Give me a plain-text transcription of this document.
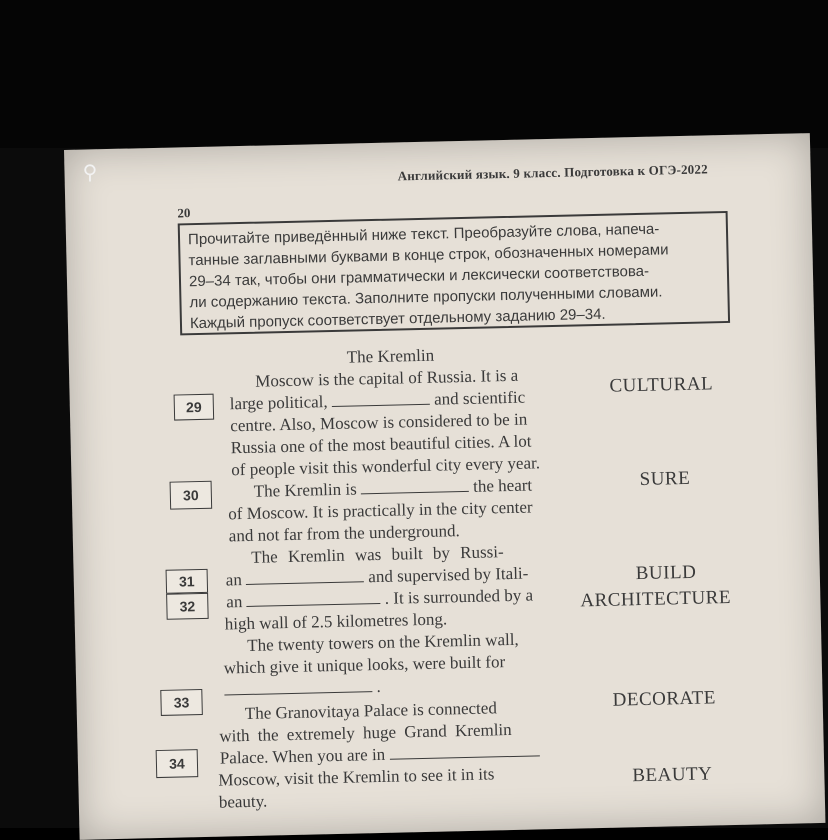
⚲	Английский язык. 9 класс. Подготовка к ОГЭ-2022
20
Прочитайте приведённый ниже текст. Преобразуйте слова, напеча-
танные заглавными буквами в конце строк, обозначенных номерами
29–34 так, чтобы они грамматически и лексически соответствова-
ли содержанию текста. Заполните пропуски полученными словами.
Каждый пропуск соответствует отдельному заданию 29–34.
The Kremlin
Moscow is the capital of Russia. It is a
large political,	and scientific
centre. Also, Moscow is considered to be in
Russia one of the most beautiful cities. A lot
of people visit this wonderful city every year.
The Kremlin is	the heart
of Moscow. It is practically in the city center
and not far from the underground.
The Kremlin was built by Russi-
an	and supervised by Itali-
an	. It is surrounded by a
high wall of 2.5 kilometres long.
The twenty towers on the Kremlin wall,
which give it unique looks, were built for
.
The Granovitaya Palace is connected
with the extremely huge Grand Kremlin
Palace. When you are in
Moscow, visit the Kremlin to see it in its
beauty.
29
30
31
32
33
34
CULTURAL
SURE
BUILD
ARCHITECTURE
DECORATE
BEAUTY
